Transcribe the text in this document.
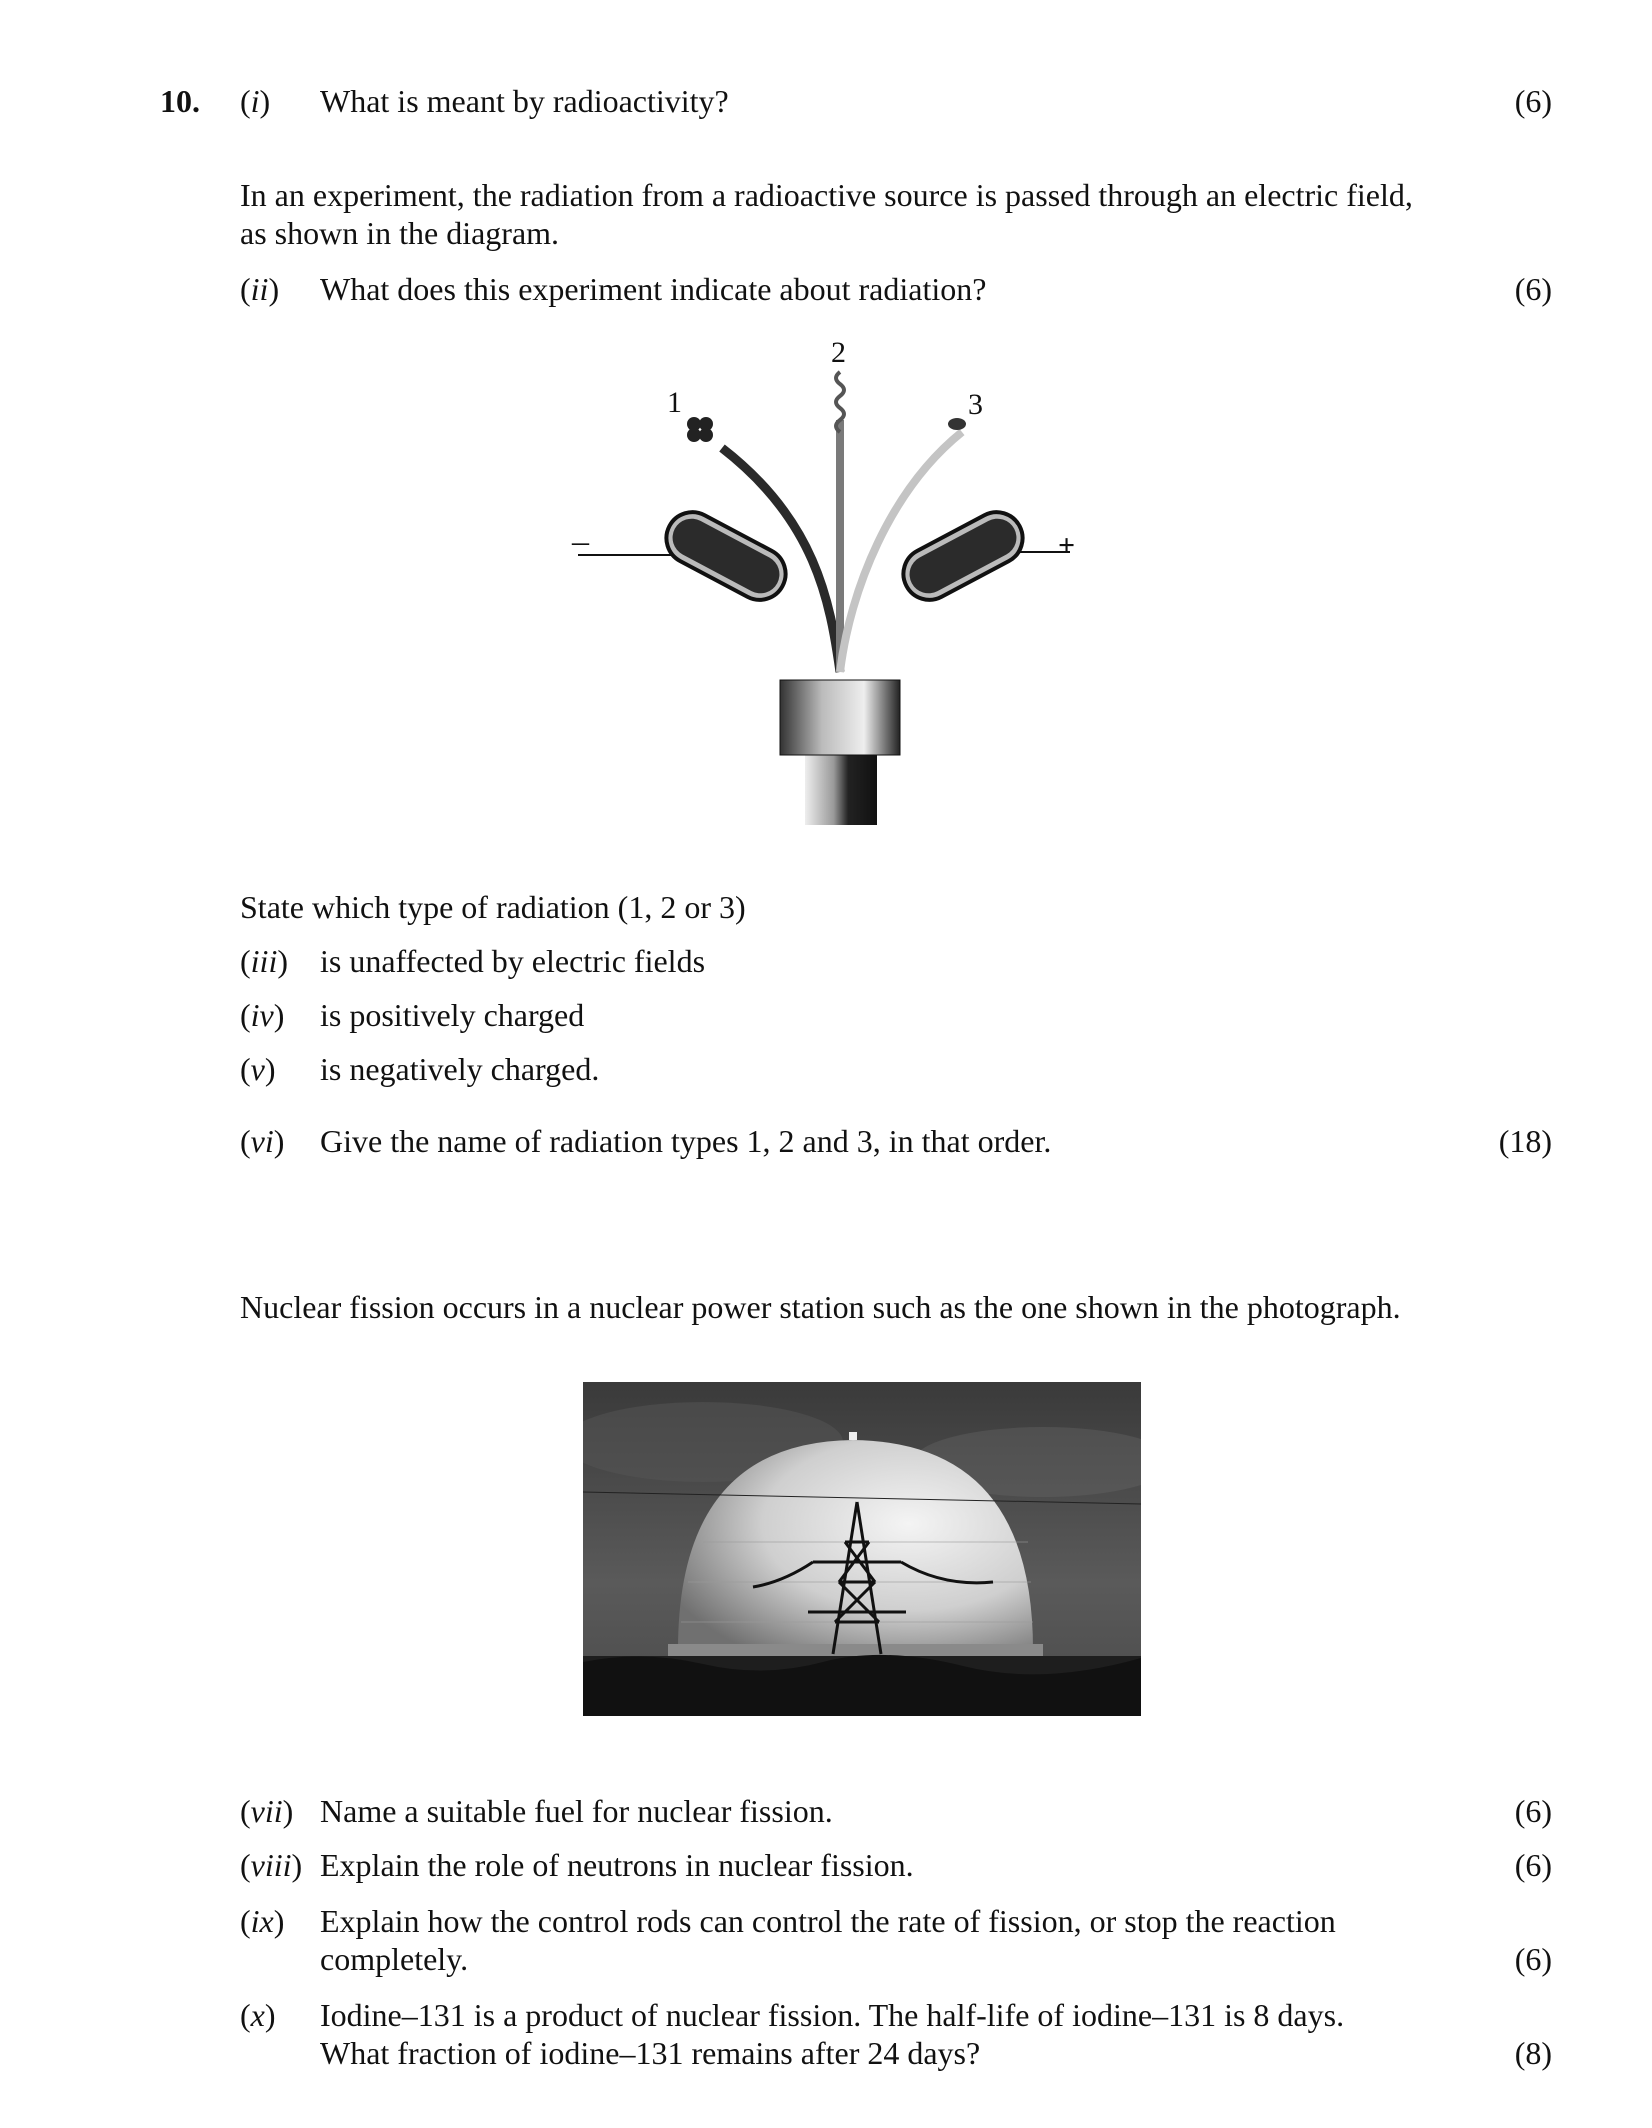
10. (i) What is meant by radioactivity?	(6)
In an experiment, the radiation from a radioactive source is passed through an electric field,
as shown in the diagram.
(ii) What does this experiment indicate about radiation?	(6)
–	+
1
2
3
State which type of radiation (1, 2 or 3)
(iii) is unaffected by electric fields
(iv) is positively charged
(v) is negatively charged.
(vi) Give the name of radiation types 1, 2 and 3, in that order.	(18)
Nuclear fission occurs in a nuclear power station such as the one shown in the photograph.
(vii) Name a suitable fuel for nuclear fission.	(6)
(viii) Explain the role of neutrons in nuclear fission.	(6)
(ix) Explain how the control rods can control the rate of fission, or stop the reaction
completely.	(6)
(x) Iodine–131 is a product of nuclear fission. The half-life of iodine–131 is 8 days.
What fraction of iodine–131 remains after 24 days?	(8)
